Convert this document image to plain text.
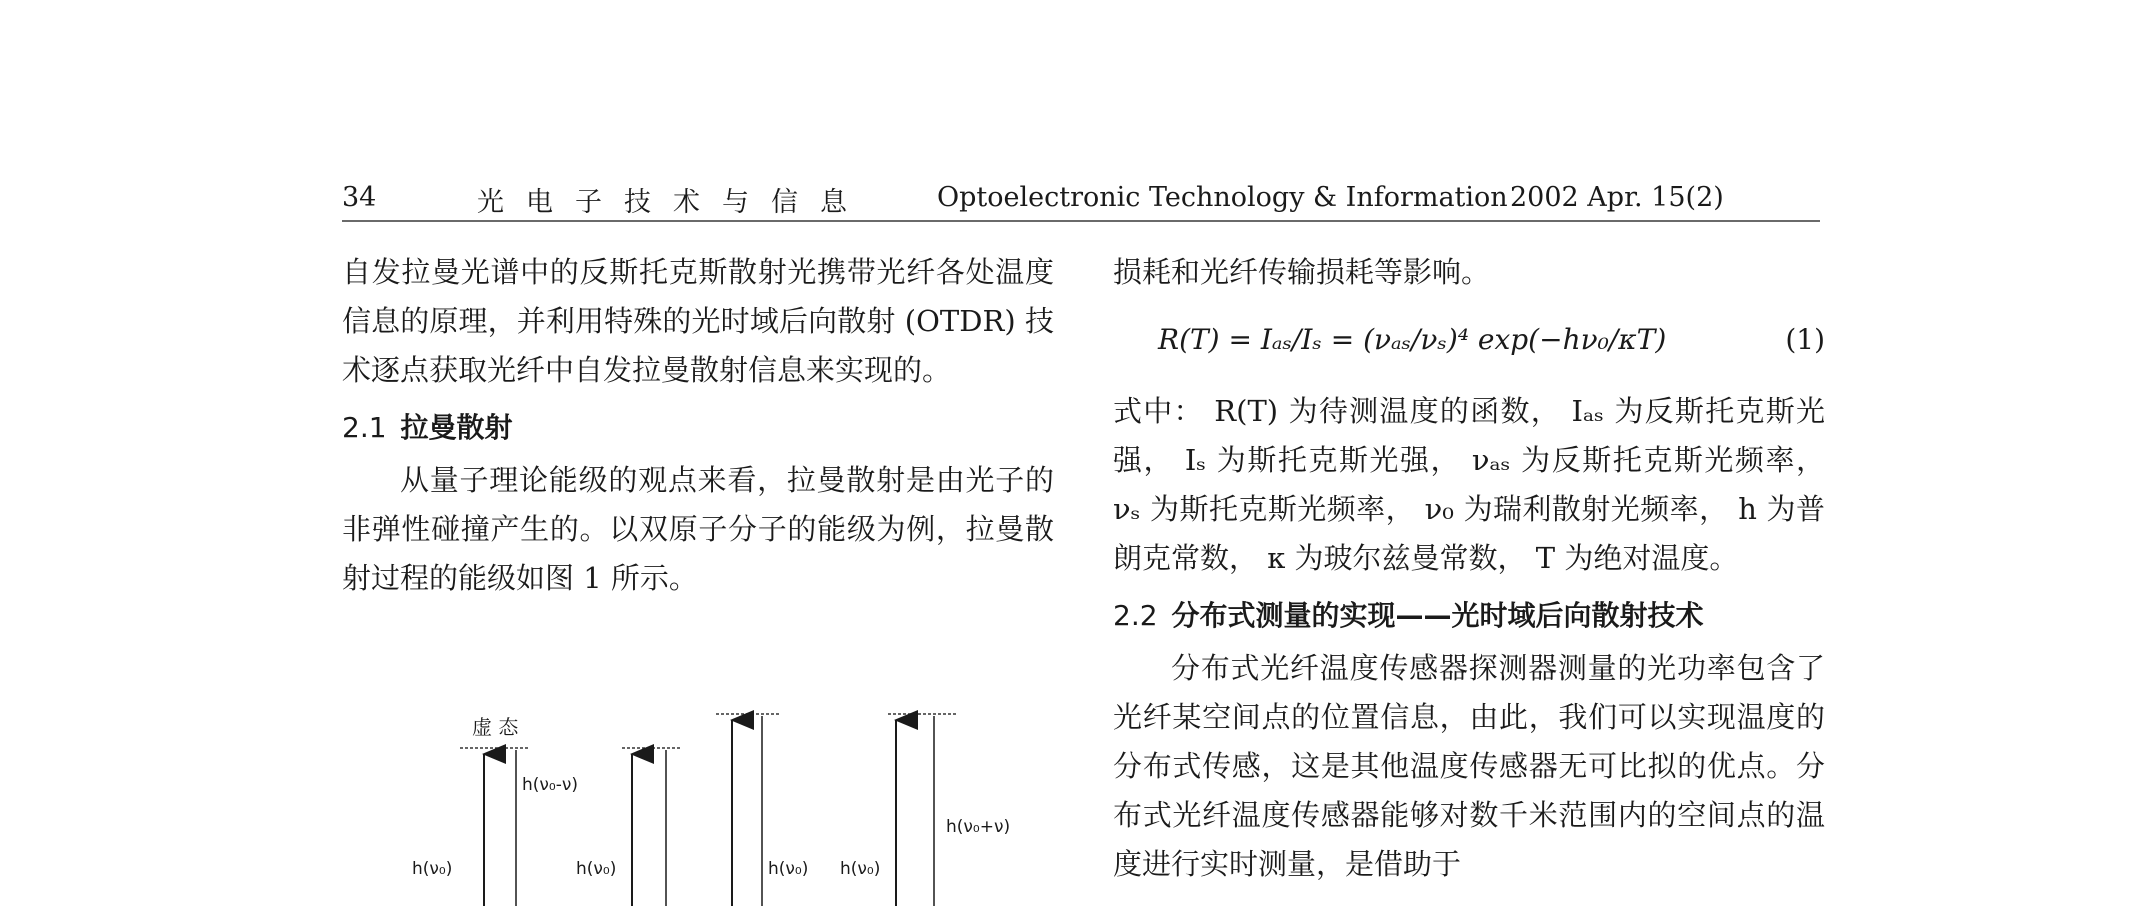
34	光电子技术与信息	Optoelectronic Technology & Information 2002 Apr. 15(2)

自发拉曼光谱中的反斯托克斯散射光携带光纤各处温度信息的原理，并利用特殊的光时域后向散射 (OTDR) 技术逐点获取光纤中自发拉曼散射信息来实现的。

2.1 拉曼散射

从量子理论能级的观点来看，拉曼散射是由光子的非弹性碰撞产生的。以双原子分子的能级为例，拉曼散射过程的能级如图 1 所示。

虚 态
h(ν₀-ν)
h(ν₀)	h(ν₀)	h(ν₀) h(ν₀)
h(ν₀+ν)

损耗和光纤传输损耗等影响。

R(T) = Iₐₛ/Iₛ = (νₐₛ/νₛ)⁴ exp(−hν₀/κT)	(1)

式中： R(T) 为待测温度的函数， Iₐₛ 为反斯托克斯光强， Iₛ 为斯托克斯光强， νₐₛ 为反斯托克斯光频率， νₛ 为斯托克斯光频率， ν₀ 为瑞利散射光频率， h 为普朗克常数， κ 为玻尔兹曼常数， T 为绝对温度。

2.2 分布式测量的实现——光时域后向散射技术

分布式光纤温度传感器探测器测量的光功率包含了光纤某空间点的位置信息，由此，我们可以实现温度的分布式传感，这是其他温度传感器无可比拟的优点。分布式光纤温度传感器能够对数千米范围内的空间点的温度进行实时测量，是借助于
